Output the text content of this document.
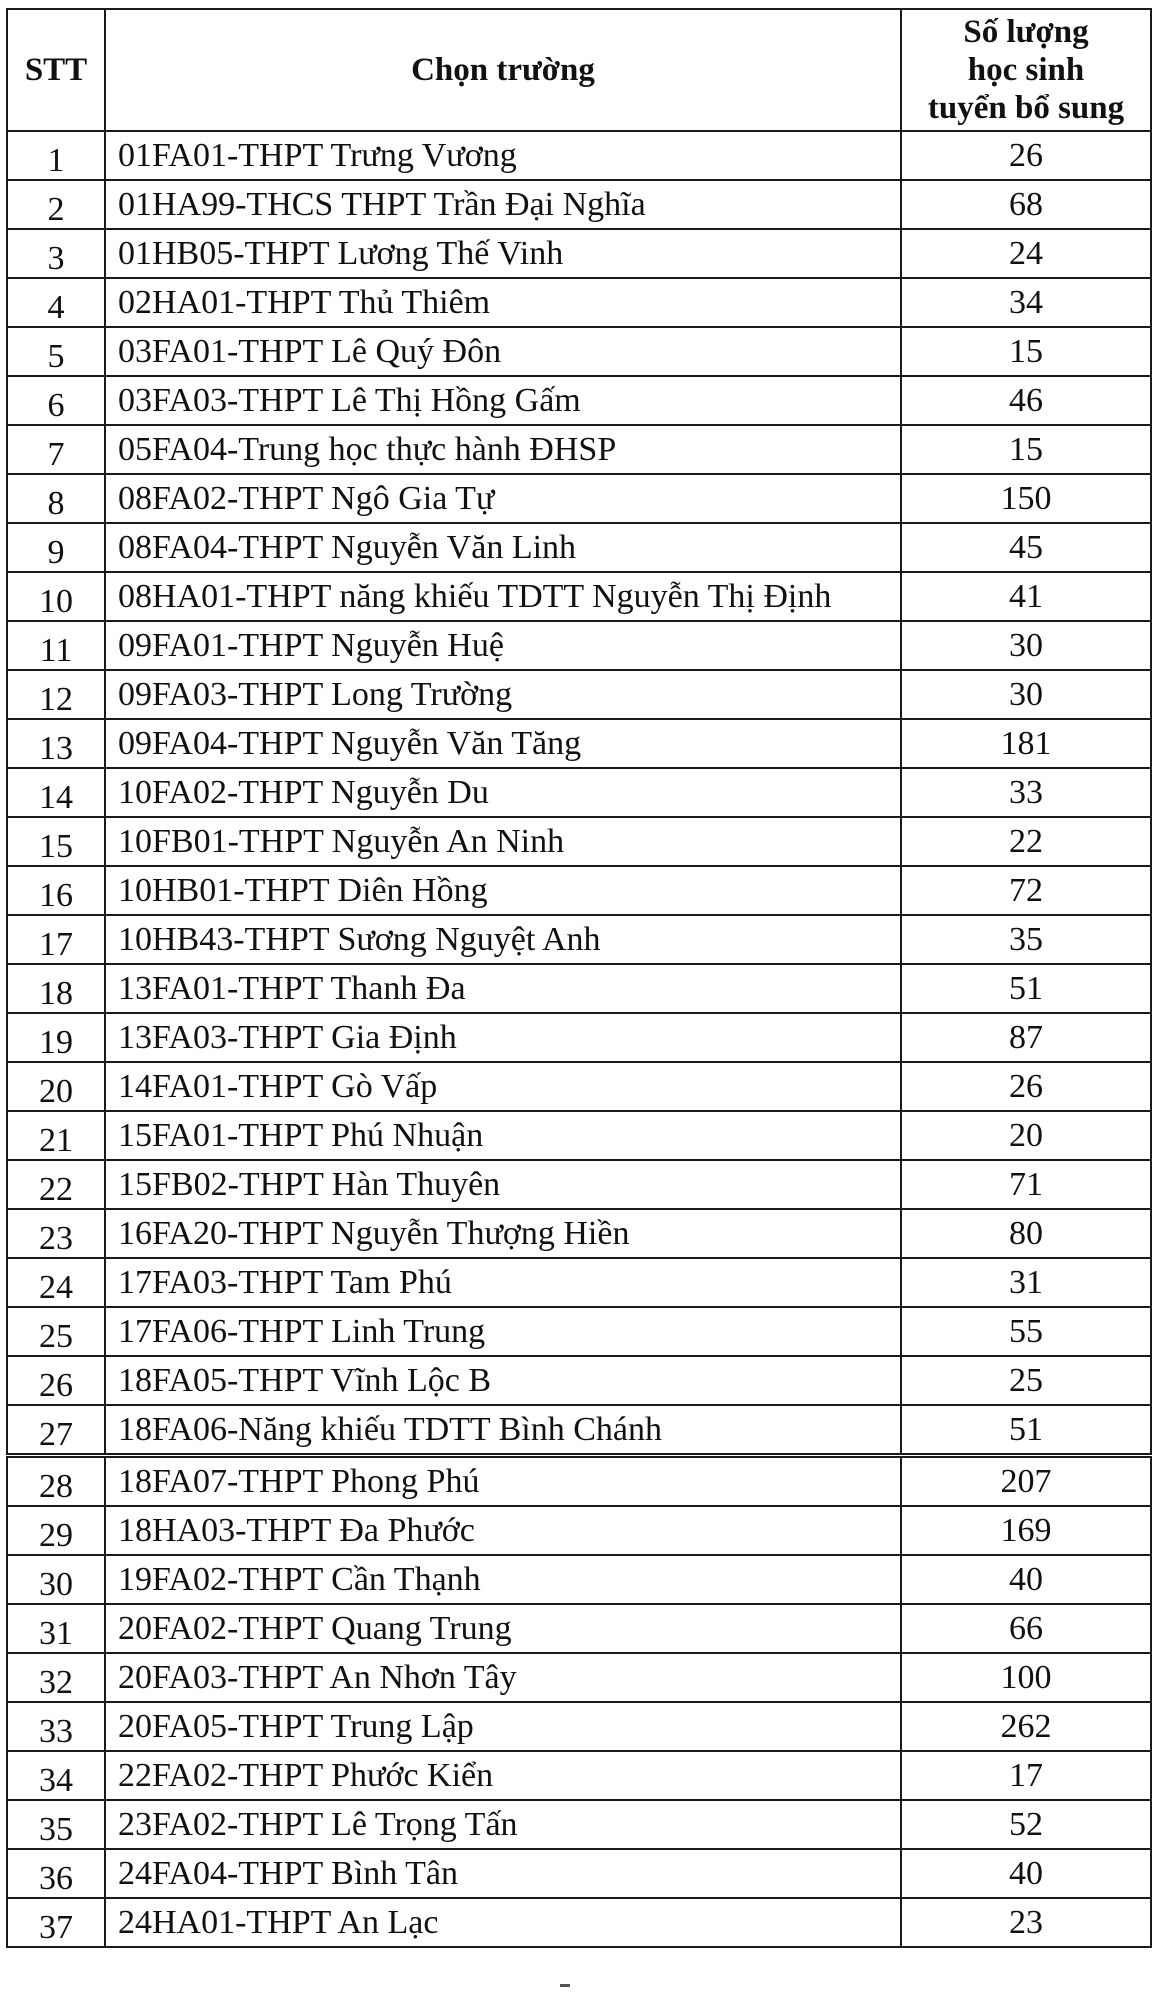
STT	Chọn trường	Số lượng
học sinh
tuyển bổ sung

1	01FA01-THPT Trưng Vương	26
2	01HA99-THCS THPT Trần Đại Nghĩa	68
3	01HB05-THPT Lương Thế Vinh	24
4	02HA01-THPT Thủ Thiêm	34
5	03FA01-THPT Lê Quý Đôn	15
6	03FA03-THPT Lê Thị Hồng Gấm	46
7	05FA04-Trung học thực hành ĐHSP	15
8	08FA02-THPT Ngô Gia Tự	150
9	08FA04-THPT Nguyễn Văn Linh	45
10	08HA01-THPT năng khiếu TDTT Nguyễn Thị Định	41
11	09FA01-THPT Nguyễn Huệ	30
12	09FA03-THPT Long Trường	30
13	09FA04-THPT Nguyễn Văn Tăng	181
14	10FA02-THPT Nguyễn Du	33
15	10FB01-THPT Nguyễn An Ninh	22
16	10HB01-THPT Diên Hồng	72
17	10HB43-THPT Sương Nguyệt Anh	35
18	13FA01-THPT Thanh Đa	51
19	13FA03-THPT Gia Định	87
20	14FA01-THPT Gò Vấp	26
21	15FA01-THPT Phú Nhuận	20
22	15FB02-THPT Hàn Thuyên	71
23	16FA20-THPT Nguyễn Thượng Hiền	80
24	17FA03-THPT Tam Phú	31
25	17FA06-THPT Linh Trung	55
26	18FA05-THPT Vĩnh Lộc B	25
27	18FA06-Năng khiếu TDTT Bình Chánh	51
28	18FA07-THPT Phong Phú	207
29	18HA03-THPT Đa Phước	169
30	19FA02-THPT Cần Thạnh	40
31	20FA02-THPT Quang Trung	66
32	20FA03-THPT An Nhơn Tây	100
33	20FA05-THPT Trung Lập	262
34	22FA02-THPT Phước Kiển	17
35	23FA02-THPT Lê Trọng Tấn	52
36	24FA04-THPT Bình Tân	40
37	24HA01-THPT An Lạc	23
